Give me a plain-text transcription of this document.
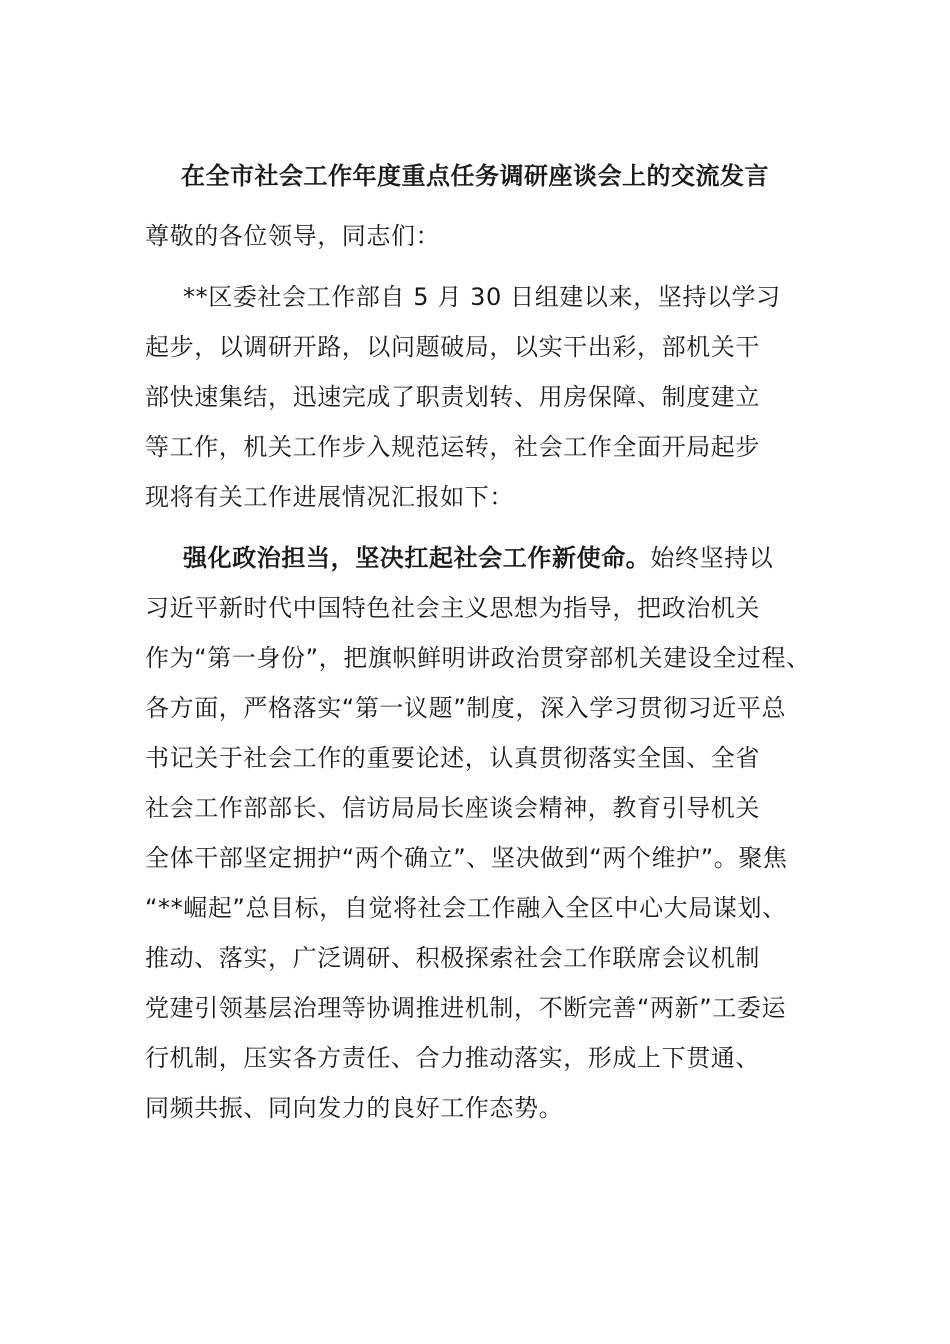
在全市社会工作年度重点任务调研座谈会上的交流发言
尊敬的各位领导，同志们：
**区委社会工作部自 5 月 30 日组建以来，坚持以学习
起步，以调研开路，以问题破局，以实干出彩，部机关干
部快速集结，迅速完成了职责划转、用房保障、制度建立
等工作，机关工作步入规范运转，社会工作全面开局起步
现将有关工作进展情况汇报如下：
强化政治担当，坚决扛起社会工作新使命。始终坚持以
习近平新时代中国特色社会主义思想为指导，把政治机关
作为“第一身份”，把旗帜鲜明讲政治贯穿部机关建设全过程、
各方面，严格落实“第一议题”制度，深入学习贯彻习近平总
书记关于社会工作的重要论述，认真贯彻落实全国、全省
社会工作部部长、信访局局长座谈会精神，教育引导机关
全体干部坚定拥护“两个确立”、坚决做到“两个维护”。聚焦
“**崛起”总目标，自觉将社会工作融入全区中心大局谋划、
推动、落实，广泛调研、积极探索社会工作联席会议机制
党建引领基层治理等协调推进机制，不断完善“两新”工委运
行机制，压实各方责任、合力推动落实，形成上下贯通、
同频共振、同向发力的良好工作态势。
